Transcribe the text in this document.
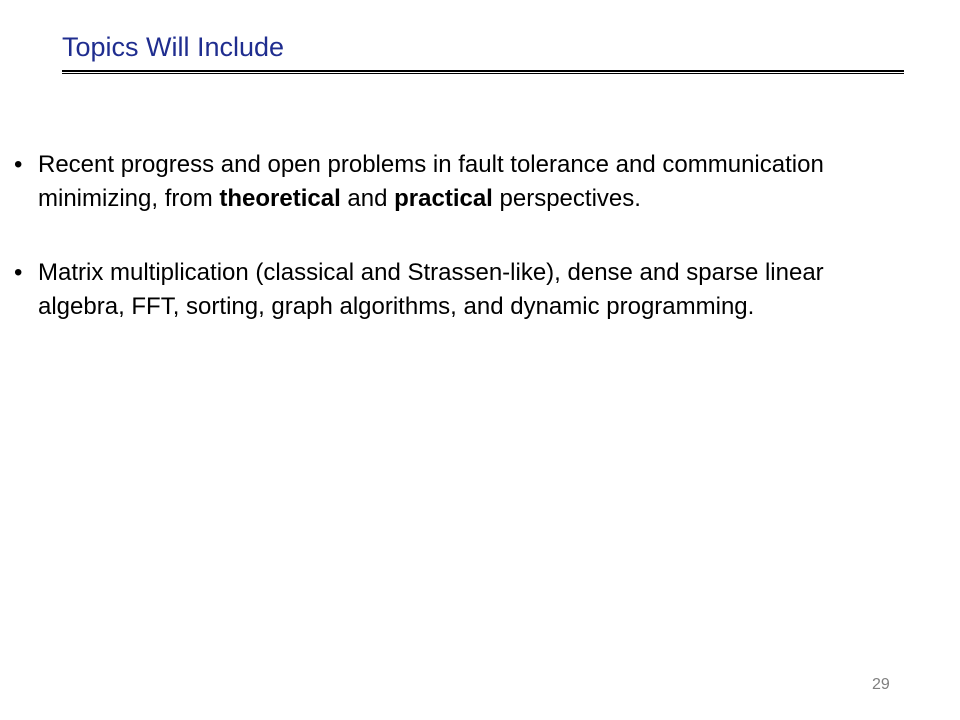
Topics Will Include
• Recent progress and open problems in fault tolerance and communication minimizing, from theoretical and practical perspectives.
• Matrix multiplication (classical and Strassen-like), dense and sparse linear algebra, FFT, sorting, graph algorithms, and dynamic programming.
29
